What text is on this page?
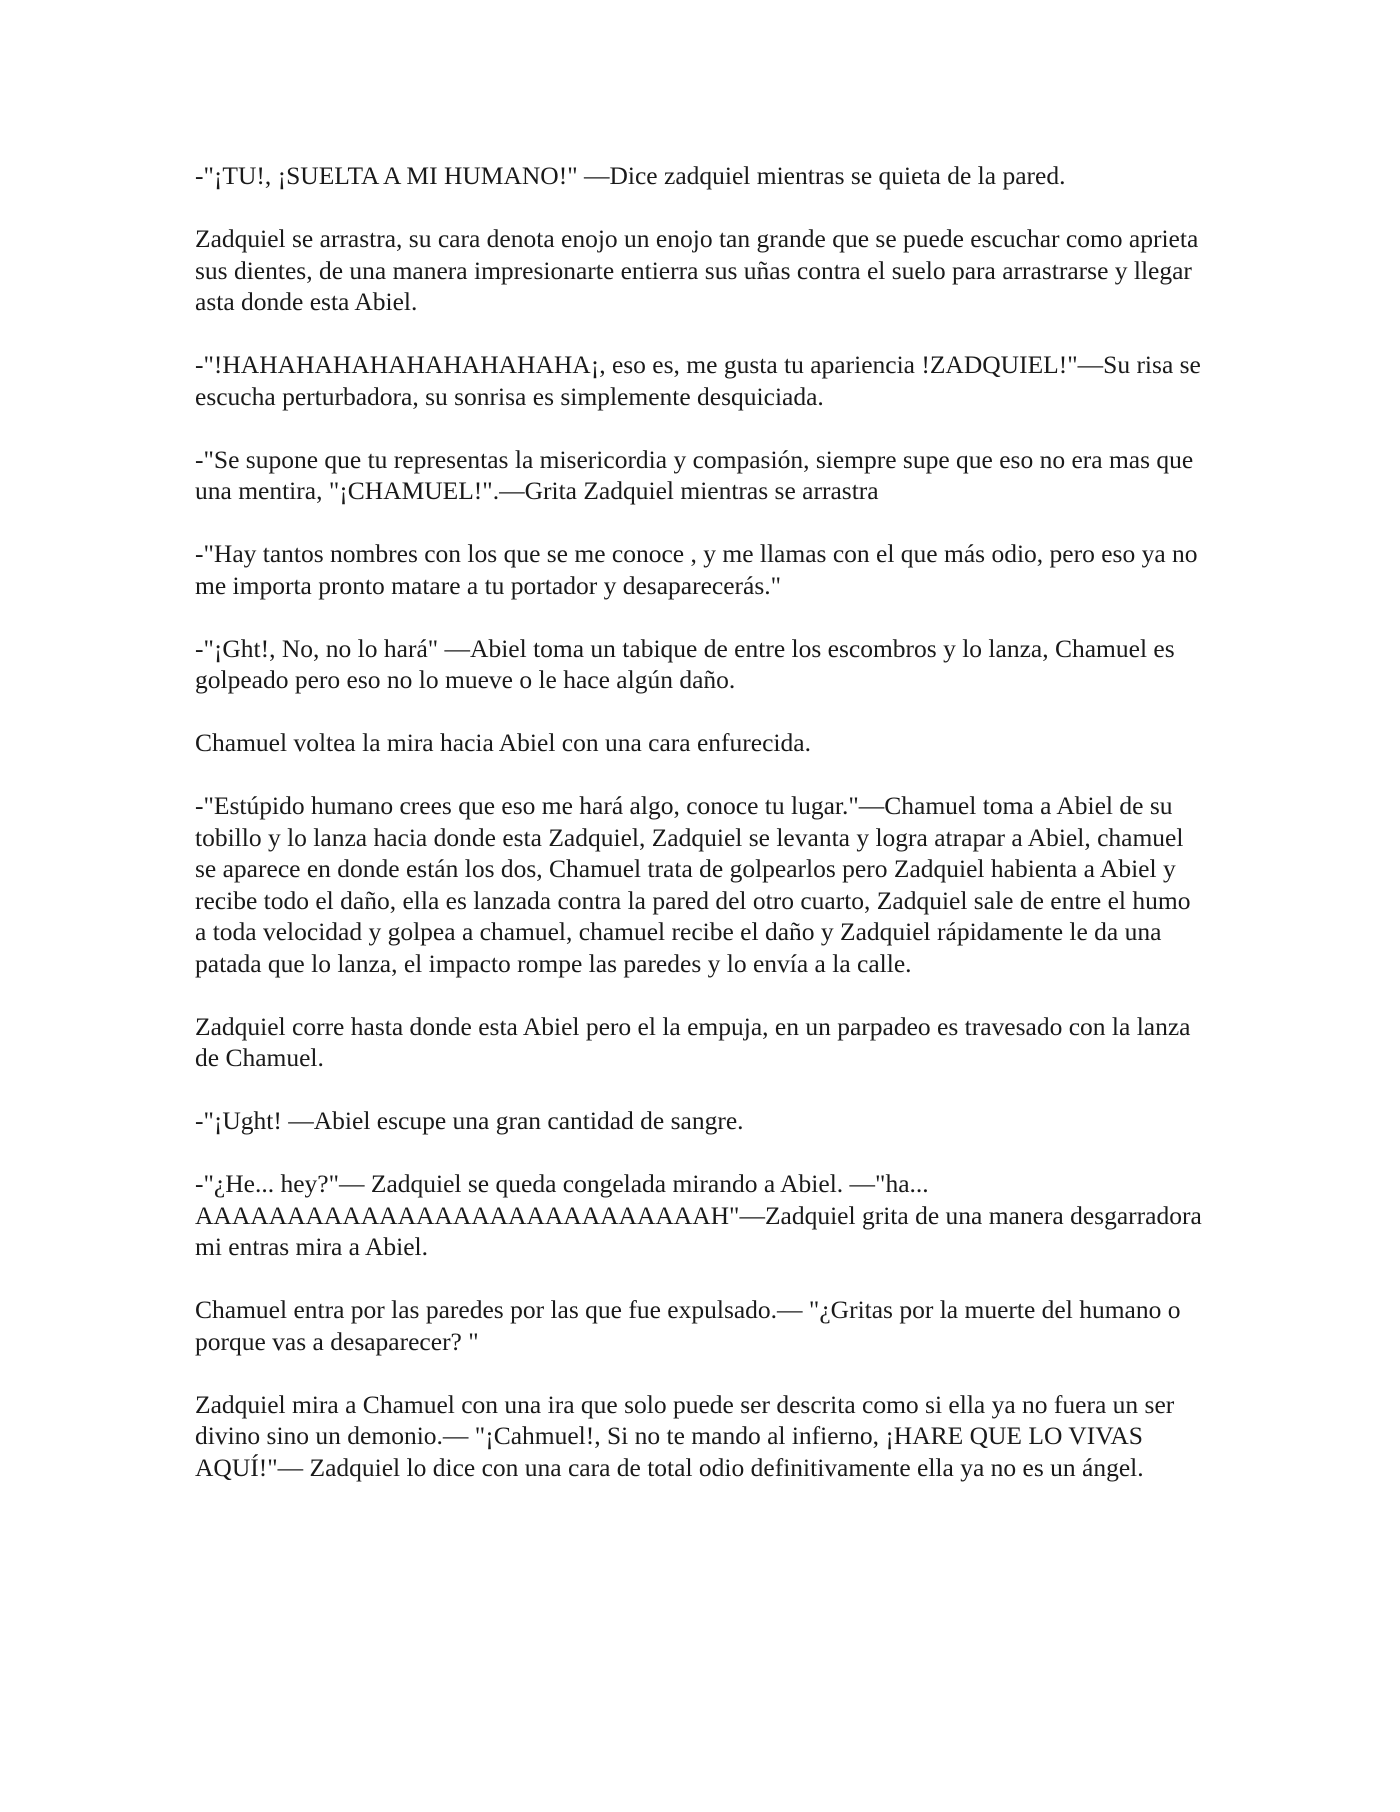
-"¡TU!, ¡SUELTA A MI HUMANO!" —Dice zadquiel mientras se quieta de la pared.

Zadquiel se arrastra, su cara denota enojo un enojo tan grande que se puede escuchar como aprieta sus dientes, de una manera impresionarte entierra sus uñas contra el suelo para arrastrarse y llegar asta donde esta Abiel.

-"!HAHAHAHAHAHAHAHAHAHA¡, eso es, me gusta tu apariencia !ZADQUIEL!"—Su risa se escucha perturbadora, su sonrisa es simplemente desquiciada.

-"Se supone que tu representas la misericordia y compasión, siempre supe que eso no era mas que una mentira, "¡CHAMUEL!".—Grita Zadquiel mientras se arrastra

-"Hay tantos nombres con los que se me conoce , y me llamas con el que más odio, pero eso ya no me importa pronto matare a tu portador y desaparecerás."

-"¡Ght!, No, no lo hará" —Abiel toma un tabique de entre los escombros y lo lanza, Chamuel es golpeado pero eso no lo mueve o le hace algún daño.

Chamuel voltea la mira hacia Abiel con una cara enfurecida.

-"Estúpido humano crees que eso me hará algo, conoce tu lugar."—Chamuel toma a Abiel de su tobillo y lo lanza hacia donde esta Zadquiel, Zadquiel se levanta y logra atrapar a Abiel, chamuel se aparece en donde están los dos, Chamuel trata de golpearlos pero Zadquiel habienta a Abiel y recibe todo el daño, ella es lanzada contra la pared del otro cuarto, Zadquiel sale de entre el humo a toda velocidad y golpea a chamuel, chamuel recibe el daño y Zadquiel rápidamente le da una patada que lo lanza, el impacto rompe las paredes y lo envía a la calle.

Zadquiel corre hasta donde esta Abiel pero el la empuja, en un parpadeo es travesado con la lanza de Chamuel.

-"¡Ught! —Abiel escupe una gran cantidad de sangre.

-"¿He... hey?"— Zadquiel se queda congelada mirando a Abiel. —"ha... AAAAAAAAAAAAAAAAAAAAAAAAAAAAH"—Zadquiel grita de una manera desgarradora mi entras mira a Abiel.

Chamuel entra por las paredes por las que fue expulsado.— "¿Gritas por la muerte del humano o porque vas a desaparecer? "

Zadquiel mira a Chamuel con una ira que solo puede ser descrita como si ella ya no fuera un ser divino sino un demonio.— "¡Cahmuel!, Si no te mando al infierno, ¡HARE QUE LO VIVAS AQUÍ!"— Zadquiel lo dice con una cara de total odio definitivamente ella ya no es un ángel.
